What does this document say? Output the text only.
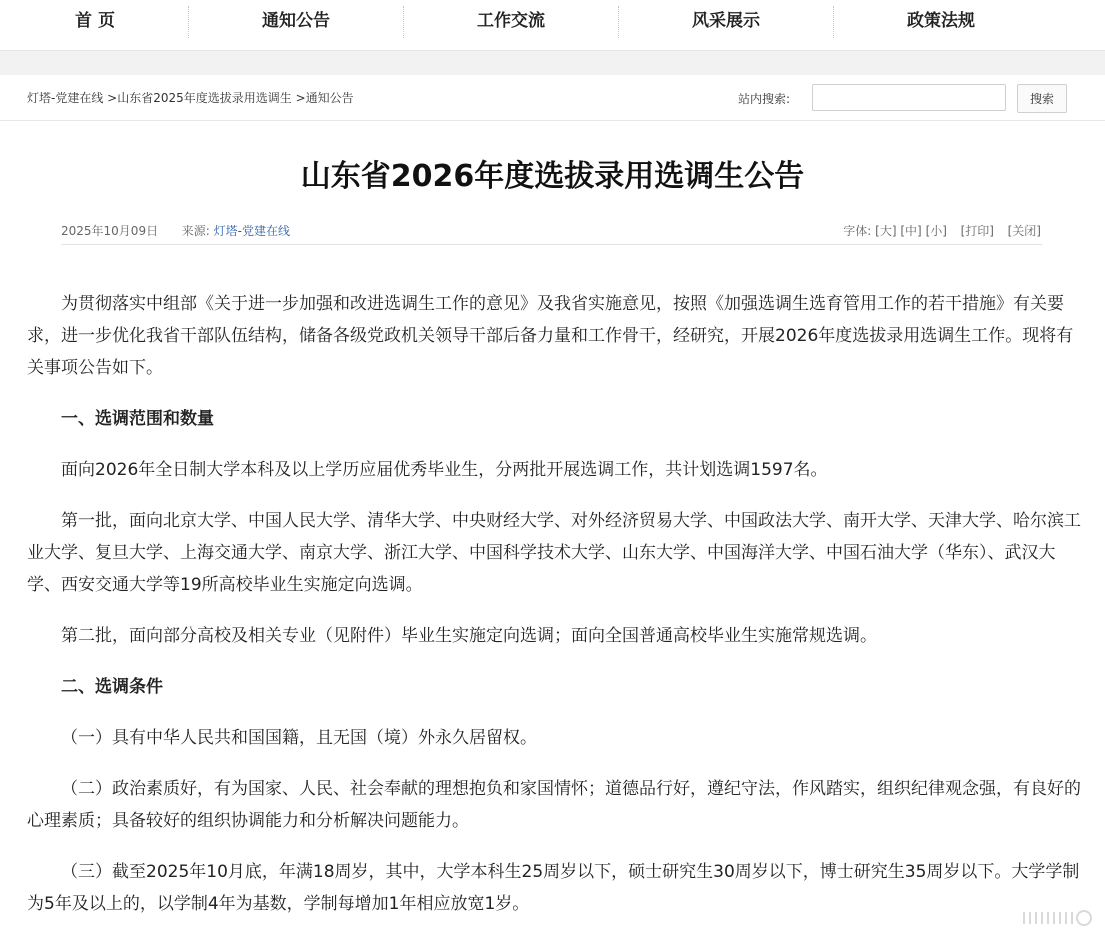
首 页	通知公告	工作交流	风采展示	政策法规
灯塔-党建在线 >山东省2025年度选拔录用选调生 >通知公告	站内搜索:	搜索
山东省2026年度选拔录用选调生公告
2025年10月09日 来源: 灯塔-党建在线	字体: [大] [中] [小] [打印] [关闭]

为贯彻落实中组部《关于进一步加强和改进选调生工作的意见》及我省实施意见，按照《加强选调生选育管用工作的若干措施》有关要求，进一步优化我省干部队伍结构，储备各级党政机关领导干部后备力量和工作骨干，经研究，开展2026年度选拔录用选调生工作。现将有关事项公告如下。

一、选调范围和数量

面向2026年全日制大学本科及以上学历应届优秀毕业生，分两批开展选调工作，共计划选调1597名。

第一批，面向北京大学、中国人民大学、清华大学、中央财经大学、对外经济贸易大学、中国政法大学、南开大学、天津大学、哈尔滨工业大学、复旦大学、上海交通大学、南京大学、浙江大学、中国科学技术大学、山东大学、中国海洋大学、中国石油大学（华东）、武汉大学、西安交通大学等19所高校毕业生实施定向选调。

第二批，面向部分高校及相关专业（见附件）毕业生实施定向选调；面向全国普通高校毕业生实施常规选调。

二、选调条件

（一）具有中华人民共和国国籍，且无国（境）外永久居留权。

（二）政治素质好，有为国家、人民、社会奉献的理想抱负和家国情怀；道德品行好，遵纪守法，作风踏实，组织纪律观念强，有良好的心理素质；具备较好的组织协调能力和分析解决问题能力。

（三）截至2025年10月底，年满18周岁，其中，大学本科生25周岁以下，硕士研究生30周岁以下，博士研究生35周岁以下。大学学制为5年及以上的，以学制4年为基数，学制每增加1年相应放宽1岁。
